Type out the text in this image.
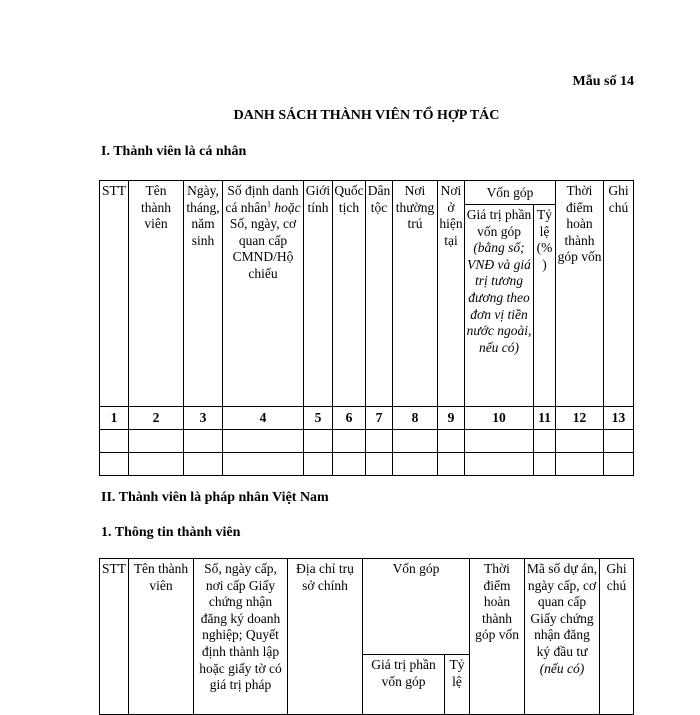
Mẫu số 14
DANH SÁCH THÀNH VIÊN TỔ HỢP TÁC
I. Thành viên là cá nhân
STT	Tên thành viên	Ngày, tháng, năm sinh	Số định danh cá nhân$^1$ hoặc Số, ngày, cơ quan cấp CMND/Hộ chiếu	Giới tính	Quốc tịch	Dân tộc	Nơi thường trú	Nơi ở hiện tại	Vốn góp		Thời điểm hoàn thành góp vốn	Ghi chú
									Giá trị phần vốn góp (bằng số; VNĐ và giá trị tương đương theo đơn vị tiền nước ngoài, nếu có)	Tỷ lệ (%)		
1	2	3	4	5	6	7	8	9	10	11	12	13

II. Thành viên là pháp nhân Việt Nam
1. Thông tin thành viên
STT	Tên thành viên	Số, ngày cấp, nơi cấp Giấy chứng nhận đăng ký doanh nghiệp; Quyết định thành lập hoặc giấy tờ có giá trị pháp	Địa chỉ trụ sở chính	Vốn góp		Thời điểm hoàn thành góp vốn	Mã số dự án, ngày cấp, cơ quan cấp Giấy chứng nhận đăng ký đầu tư (nếu có)	Ghi chú
				Giá trị phần vốn góp	Tỷ lệ			
